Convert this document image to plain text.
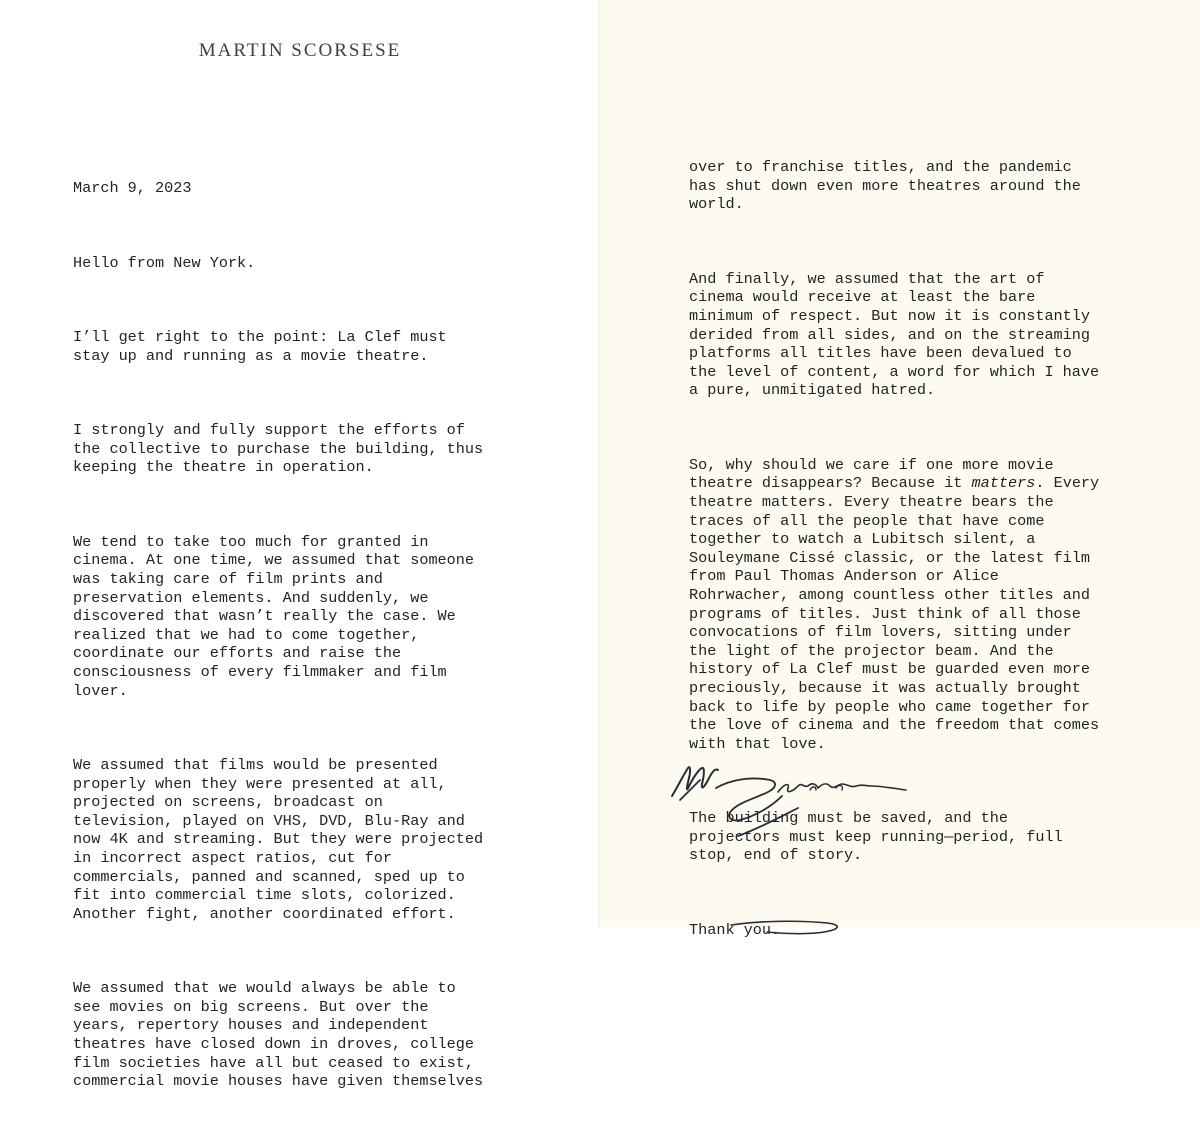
MARTIN SCORSESE

March 9, 2023

Hello from New York.

I’ll get right to the point: La Clef must
stay up and running as a movie theatre.

I strongly and fully support the efforts of
the collective to purchase the building, thus
keeping the theatre in operation.

We tend to take too much for granted in
cinema. At one time, we assumed that someone
was taking care of film prints and
preservation elements. And suddenly, we
discovered that wasn’t really the case. We
realized that we had to come together,
coordinate our efforts and raise the
consciousness of every filmmaker and film
lover.

We assumed that films would be presented
properly when they were presented at all,
projected on screens, broadcast on
television, played on VHS, DVD, Blu-Ray and
now 4K and streaming. But they were projected
in incorrect aspect ratios, cut for
commercials, panned and scanned, sped up to
fit into commercial time slots, colorized.
Another fight, another coordinated effort.

We assumed that we would always be able to
see movies on big screens. But over the
years, repertory houses and independent
theatres have closed down in droves, college
film societies have all but ceased to exist,
commercial movie houses have given themselves

over to franchise titles, and the pandemic
has shut down even more theatres around the
world.

And finally, we assumed that the art of
cinema would receive at least the bare
minimum of respect. But now it is constantly
derided from all sides, and on the streaming
platforms all titles have been devalued to
the level of content, a word for which I have
a pure, unmitigated hatred.

So, why should we care if one more movie
theatre disappears? Because it matters. Every
theatre matters. Every theatre bears the
traces of all the people that have come
together to watch a Lubitsch silent, a
Souleymane Cissé classic, or the latest film
from Paul Thomas Anderson or Alice
Rohrwacher, among countless other titles and
programs of titles. Just think of all those
convocations of film lovers, sitting under
the light of the projector beam. And the
history of La Clef must be guarded even more
preciously, because it was actually brought
back to life by people who came together for
the love of cinema and the freedom that comes
with that love.

The building must be saved, and the
projectors must keep running—period, full
stop, end of story.

Thank you.
